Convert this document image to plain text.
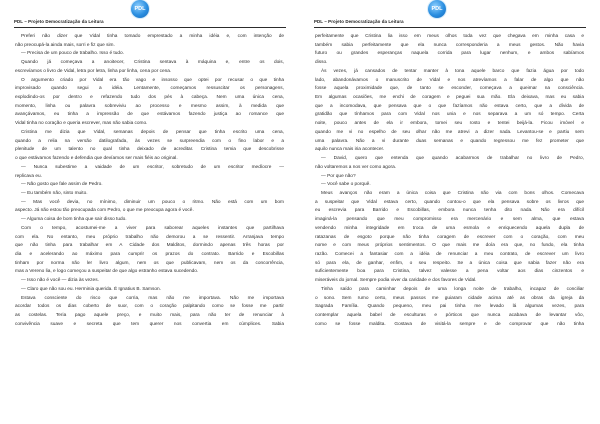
PDL – Projeto Democratização da Leitura
PDL
Preferi não dizer que Vidal tinha tomado emprestado a minha idéia e, com intenção de
não preocupá-la ainda mais, sorri e fiz que sim.
— Precisa de um pouco de trabalho. Isso é tudo.
Quando já começava a anoitecer, Cristina sentava à máquina e, entre os dois,
escrevíamos o livro de Vidal, letra por letra, linha por linha, cena por cena.
O argumento criado por Vidal era tão vago e insosso que optei por recusar o que tinha
improvisado quando segui a idéia. Lentamente, começamos ressuscitar os personagens,
explodindo-os por dentro e refazendo tudo dos pés à cabeça. Nem uma única cena,
momento, linha ou palavra sobreviviu ao processo e mesmo assim, à medida que
avançávamos, eu tinha a impressão de que estávamos fazendo justiça ao romance que
Vidal tinha no coração e queria escrever, mas não sabia como.
Cristina me dizia que Vidal, semanas depois de pensar que tinha escrito uma cena,
quando a relia na versão datilografada, às vezes se surpreendia com o fino labor e a
plenitude de um talento no qual tinha deixado de acreditar. Cristina temia que descobrisse
o que estávamos fazendo e defendia que devíamos ser mais fiéis ao original.
— Nunca subestime a vaidade de um escritor, sobretudo de um escritor medíocre —
replicava eu.
— Não gosto que fale assim de Pedro.
— Eu também não, sinto muito.
— Mas você devia, no mínimo, diminuir um pouco o ritmo. Não está com um bom
aspecto. Já não estou tão preocupada com Pedro, o que me preocupa agora é você.
— Alguma coisa de bom tinha que sair disso tudo.
Com o tempo, acostumei-me a viver para saborear aqueles instantes que partilhava
com ela. No entanto, meu próprio trabalho não demorou a se ressentir. Arranjava tempo
que não tinha para trabalhar em A Cidade dos Malditos, dormindo apenas três horas por
dia e acelerando ao máximo para cumprir os prazos do contrato. Barrido e Escobillas
tinham por norma não ler livro algum, nem os que publicavam, nem os da concorrência,
mas a Vereno lia, e logo começou a suspeitar de que algo estranho estava sucedendo.
— Isso não é você — dizia às vezes.
— Claro que não sou eu. Herminia querida. É Ignatius B. Samson.
Estava consciente do risco que corria, mas não me importava. Não me importava
acordar todos os dias coberto de suor, com o coração palpitando como se fosse me partir
as costelas. Teria pago aquele preço, e muito mais, para não ter de renunciar à
convivência suave e secreta que tem querer nos convertia em cúmplices. Sabia
PDL – Projeto Democratização da Leitura
PDL
perfeitamente que Cristina lia isso em meus olhos toda vez que chegava em minha casa e
também sabia perfeitamente que ela nunca corresponderia a meus gestos. Não havia
futuro ou grandes esperanças naquela corrida para lugar nenhum, e ambos sabíamos
disso.
Às vezes, já cansados de tentar manter à tona aquele barco que fazia água por todo
lado, abandonávamos o manuscrito de Vidal e nos atrevíamos a falar de algo que não
fosse aquela proximidade que, de tanto se esconder, começava a queimar na consciência.
Em algumas ocasiões, me enchi de coragem e peguei sua mão. Ela deixava, mas eu sabia
que a incomodava, que pensava que o que fazíamos não estava certo, que a dívida de
gratidão que tínhamos para com Vidal nos unia e nos separava a um só tempo. Certa
noite, pouco antes de ela ir embora, tomei seu rosto e tentei beijá-la. Ficou imóvel e
quando me vi no espelho de seu olhar não me atrevi a dizer nada. Levantou-se e partiu sem
uma palavra. Não a vi durante duas semanas e quando regressou me fez prometer que
aquilo nunca mais iria acontecer.
— David, quero que entenda que quando acabarmos de trabalhar no livro de Pedro,
não voltaremos a nos ver como agora.
— Por que não?
— Você sabe o porquê.
Meus avanços não eram a única coisa que Cristina não via com bons olhos. Comecava
a suspeitar que Vidal estava certo, quando contou-o que ela pensava sobre os livros que
eu escrevia para Barrido e Escobillas, embora nunca tenha dito nada. Não era difícil
imaginá-la pensando que meu compromisso era mercenário e sem alma, que estava
vendendo minha integridade em troca de uma esmola e enriquecendo aquela dupla de
ratazanas de esgoto porque não tinha coragem de escrever com o coração, com meu
nome e com meus próprios sentimentos. O que mais me doía era que, no fundo, ela tinha
razão. Comecei a fantasiar com a idéia de renunciar a meu contrato, de escrever um livro
só para ela, de ganhar, enfim, o seu respeito. Se a única coisa que sabia fazer não era
suficientemente boa para Cristina, talvez valesse a pena voltar aos dias cinzentos e
miseráveis do jornal. Sempre podia viver da caridade e dos favores de Vidal.
Tinha saído para caminhar depois de uma longa noite de trabalho, incapaz de conciliar
o sono. Sem rumo certo, meus passos me guiaram cidade acima até as obras da igreja da
Sagrada Família. Quando pequeno, meu pai tinha me levado lá algumas vezes, para
contemplar aquela babel de esculturas e pórticos que nunca acabava de levantar vôo,
como se fosse maldita. Gostava de visitá-la sempre e de comprovar que não tinha
